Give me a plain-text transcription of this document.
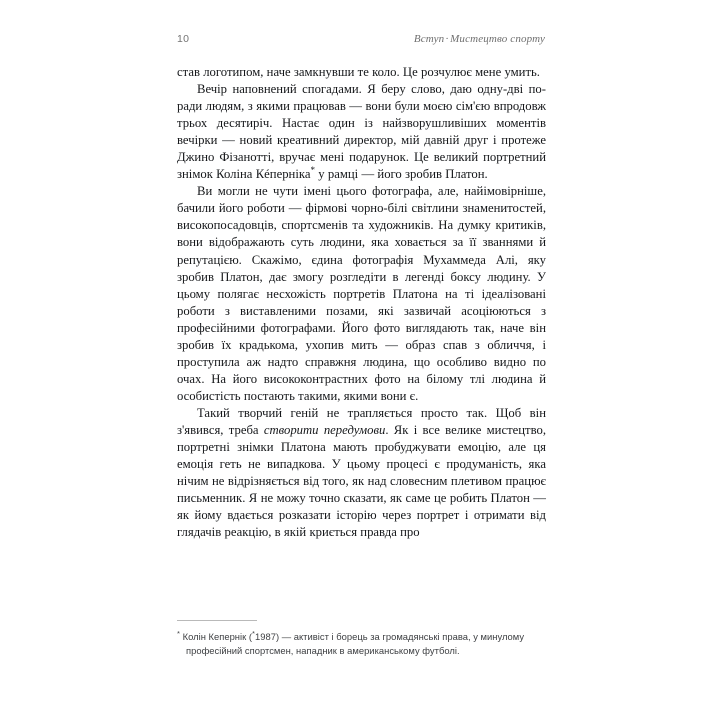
10	Вступ·Мистецтво спорту

став логотипом, наче замкнувши те коло. Це розчулює мене умить.

Вечір наповнений спогадами. Я беру слово, даю одну-дві поради людям, з якими працював — вони були моєю сім'єю впродовж трьох десятиріч. Настає один із найзворушливіших моментів вечірки — новий креативний директор, мій давній друг і протеже Джино Фізанотті, вручає мені подарунок. Це великий портретний знімок Коліна Кéперніка* у рамці — його зробив Платон.

Ви могли не чути імені цього фотографа, але, найімовірніше, бачили його роботи — фірмові чорно-білі світлини знаменитостей, високопосадовців, спортсменів та художників. На думку критиків, вони відображають суть людини, яка ховається за її званнями й репутацією. Скажімо, єдина фотографія Мухаммеда Алі, яку зробив Платон, дає змогу розгледіти в легенді боксу людину. У цьому полягає несхожість портретів Платона на ті ідеалізовані роботи з виставленими позами, які зазвичай асоціюються з професійними фотографами. Його фото виглядають так, наче він зробив їх крадькома, ухопив мить — образ спав з обличчя, і проступила аж надто справжня людина, що особливо видно по очах. На його висококонтрастних фото на білому тлі людина й особистість постають такими, якими вони є.

Такий творчий геній не трапляється просто так. Щоб він з'явився, треба створити передумови. Як і все велике мистецтво, портретні знімки Платона мають пробуджувати емоцію, але ця емоція геть не випадкова. У цьому процесі є продуманість, яка нічим не відрізняється від того, як над словесним плетивом працює письменник. Я не можу точно сказати, як саме це робить Платон — як йому вдається розказати історію через портрет і отримати від глядачів реакцію, в якій криється правда про

* Колін Кепернік (*1987) — активіст і борець за громадянські права, у минулому професійний спортсмен, нападник в американському футболі.
